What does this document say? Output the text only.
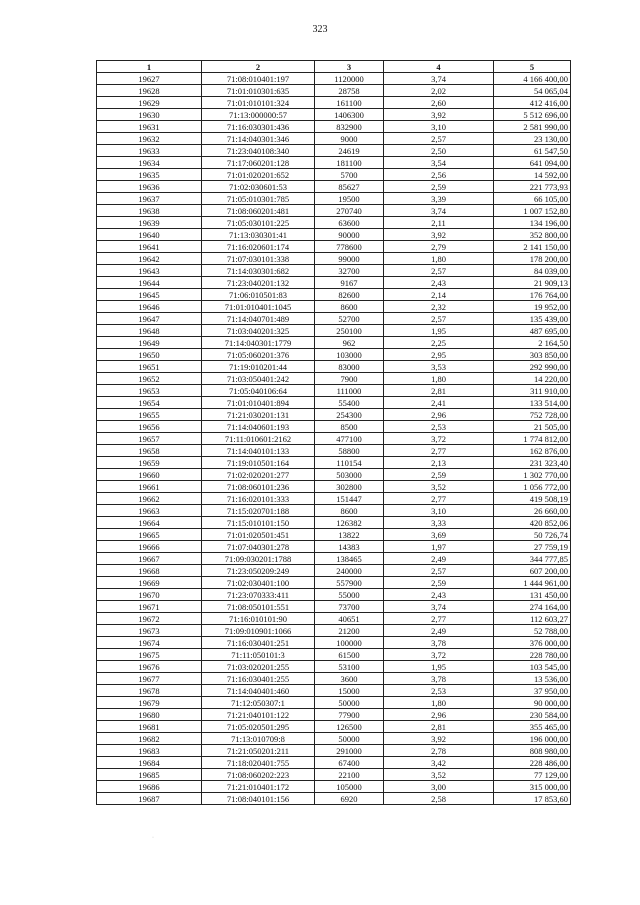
323
1	2	3	4	5
19627	71:08:010401:197	1120000	3,74	4 166 400,00
19628	71:01:010301:635	28758	2,02	54 065,04
19629	71:01:010101:324	161100	2,60	412 416,00
19630	71:13:000000:57	1406300	3,92	5 512 696,00
19631	71:16:030301:436	832900	3,10	2 581 990,00
19632	71:14:040301:346	9000	2,57	23 130,00
19633	71:23:040108:340	24619	2,50	61 547,50
19634	71:17:060201:128	181100	3,54	641 094,00
19635	71:01:020201:652	5700	2,56	14 592,00
19636	71:02:030601:53	85627	2,59	221 773,93
19637	71:05:010301:785	19500	3,39	66 105,00
19638	71:08:060201:481	270740	3,74	1 007 152,80
19639	71:05:030101:225	63600	2,11	134 196,00
19640	71:13:030301:41	90000	3,92	352 800,00
19641	71:16:020601:174	778600	2,79	2 141 150,00
19642	71:07:030101:338	99000	1,80	178 200,00
19643	71:14:030301:682	32700	2,57	84 039,00
19644	71:23:040201:132	9167	2,43	21 909,13
19645	71:06:010501:83	82600	2,14	176 764,00
19646	71:01:010401:1045	8600	2,32	19 952,00
19647	71:14:040701:489	52700	2,57	135 439,00
19648	71:03:040201:325	250100	1,95	487 695,00
19649	71:14:040301:1779	962	2,25	2 164,50
19650	71:05:060201:376	103000	2,95	303 850,00
19651	71:19:010201:44	83000	3,53	292 990,00
19652	71:03:050401:242	7900	1,80	14 220,00
19653	71:05:040106:64	111000	2,81	311 910,00
19654	71:01:010401:894	55400	2,41	133 514,00
19655	71:21:030201:131	254300	2,96	752 728,00
19656	71:14:040601:193	8500	2,53	21 505,00
19657	71:11:010601:2162	477100	3,72	1 774 812,00
19658	71:14:040101:133	58800	2,77	162 876,00
19659	71:19:010501:164	110154	2,13	231 323,40
19660	71:02:020201:277	503000	2,59	1 302 770,00
19661	71:08:060101:236	302800	3,52	1 056 772,00
19662	71:16:020101:333	151447	2,77	419 508,19
19663	71:15:020701:188	8600	3,10	26 660,00
19664	71:15:010101:150	126382	3,33	420 852,06
19665	71:01:020501:451	13822	3,69	50 726,74
19666	71:07:040301:278	14383	1,97	27 759,19
19667	71:09:030201:1788	138465	2,49	344 777,85
19668	71:23:050209:249	240000	2,57	607 200,00
19669	71:02:030401:100	557900	2,59	1 444 961,00
19670	71:23:070333:411	55000	2,43	131 450,00
19671	71:08:050101:551	73700	3,74	274 164,00
19672	71:16:010101:90	40651	2,77	112 603,27
19673	71:09:010901:1066	21200	2,49	52 788,00
19674	71:16:030401:251	100000	3,78	376 000,00
19675	71:11:050101:3	61500	3,72	228 780,00
19676	71:03:020201:255	53100	1,95	103 545,00
19677	71:16:030401:255	3600	3,78	13 536,00
19678	71:14:040401:460	15000	2,53	37 950,00
19679	71:12:050307:1	50000	1,80	90 000,00
19680	71:21:040101:122	77900	2,96	230 584,00
19681	71:05:020501:295	126500	2,81	355 465,00
19682	71:13:010709:8	50000	3,92	196 000,00
19683	71:21:050201:211	291000	2,78	808 980,00
19684	71:18:020401:755	67400	3,42	228 486,00
19685	71:08:060202:223	22100	3,52	77 129,00
19686	71:21:010401:172	105000	3,00	315 000,00
19687	71:08:040101:156	6920	2,58	17 853,60
·
